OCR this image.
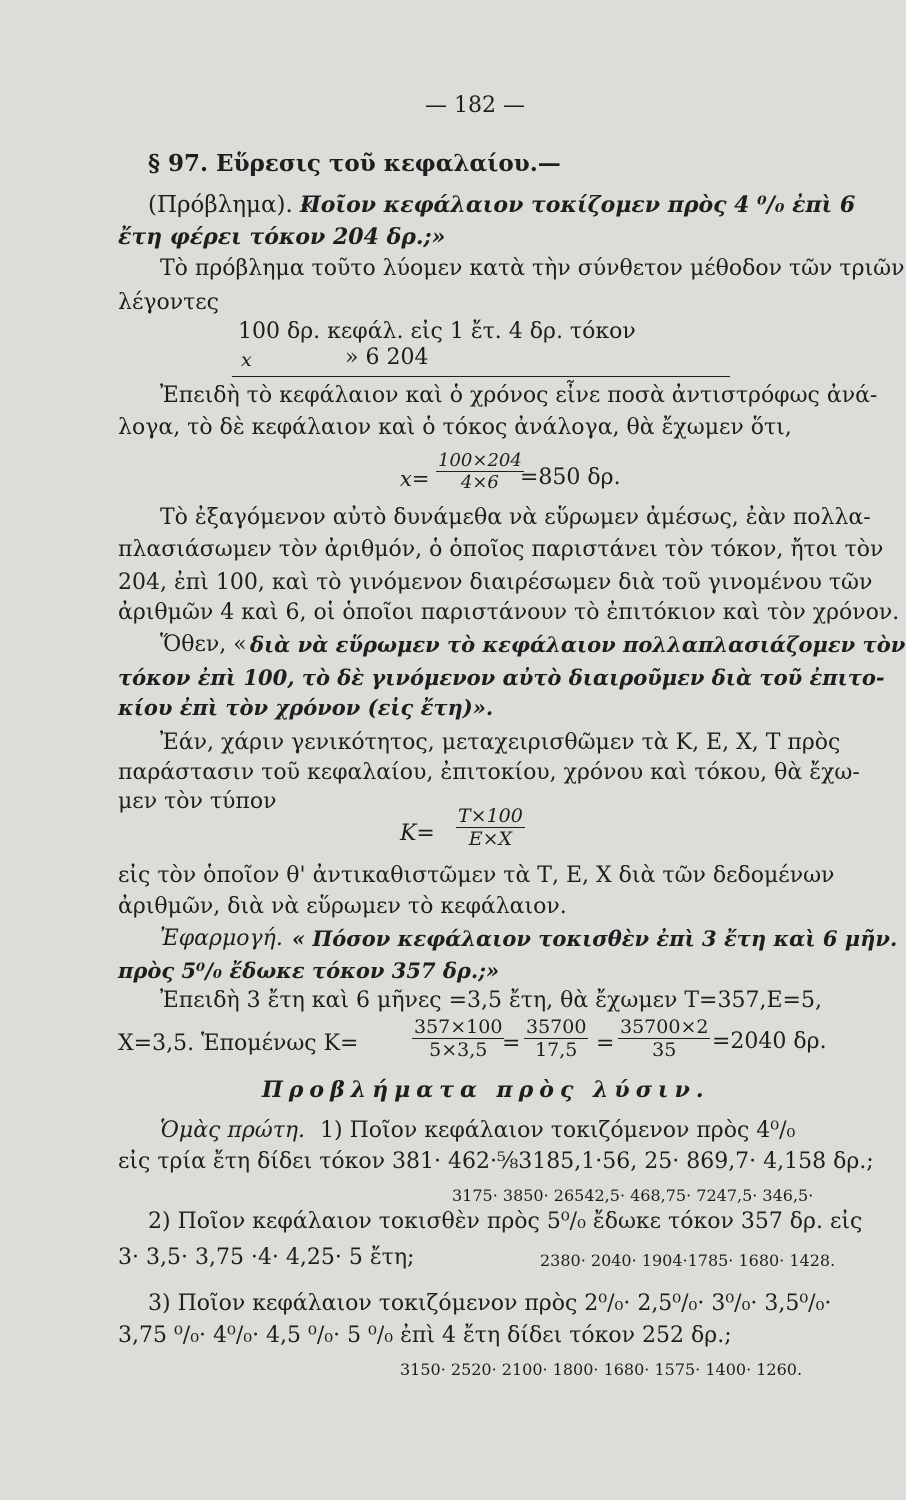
— 182 —
§ 97. Εὕρεσις τοῦ κεφαλαίου.—
(Πρόβλημα). «
Ποῖον κεφάλαιον τοκίζομεν πρὸς 4 ⁰/₀ ἐπὶ 6
ἔτη φέρει τόκον 204 δρ.;»
Τὸ πρόβλημα τοῦτο λύομεν κατὰ τὴν σύνθετον μέθοδον τῶν τριῶν
λέγοντες
100 δρ. κεφάλ. εἰς 1 ἔτ. 4 δρ. τόκον
x	» 6 204
Ἐπειδὴ τὸ κεφάλαιον καὶ ὁ χρόνος εἶνε ποσὰ ἀντιστρόφως ἀνά-
λογα, τὸ δὲ κεφάλαιον καὶ ὁ τόκος ἀνάλογα, θὰ ἔχωμεν ὅτι,
$x= \frac{100\times 204}{4\times 6}$
=850 δρ.
Τὸ ἐξαγόμενον αὐτὸ δυνάμεθα νὰ εὕρωμεν ἀμέσως, ἐὰν πολλα-
πλασιάσωμεν τὸν ἀριθμόν, ὁ ὁποῖος παριστάνει τὸν τόκον, ἤτοι τὸν
204, ἐπὶ 100, καὶ τὸ γινόμενον διαιρέσωμεν διὰ τοῦ γινομένου τῶν
ἀριθμῶν 4 καὶ 6, οἱ ὁποῖοι παριστάνουν τὸ ἐπιτόκιον καὶ τὸν χρόνον.
Ὅθεν, « διὰ νὰ εὕρωμεν τὸ κεφάλαιον πολλαπλασιάζομεν τὸν
τόκον ἐπὶ 100, τὸ δὲ γινόμενον αὐτὸ διαιροῦμεν διὰ τοῦ ἐπιτο-
κίου ἐπὶ τὸν χρόνον (εἰς ἔτη)».
Ἐάν, χάριν γενικότητος, μεταχειρισθῶμεν τὰ Κ, Ε, Χ, Τ πρὸς
παράστασιν τοῦ κεφαλαίου, ἐπιτοκίου, χρόνου καὶ τόκου, θὰ ἔχω-
μεν τὸν τύπον
$K= \frac{T\times 100}{E\times X}$
εἰς τὸν ὁποῖον θ' ἀντικαθιστῶμεν τὰ Τ, Ε, Χ διὰ τῶν δεδομένων
ἀριθμῶν, διὰ νὰ εὕρωμεν τὸ κεφάλαιον.
Ἐφαρμογή. « Πόσον κεφάλαιον τοκισθὲν ἐπὶ 3 ἔτη καὶ 6 μῆν.
πρὸς 5⁰/₀ ἔδωκε τόκον 357 δρ.;»
Ἐπειδὴ 3 ἔτη καὶ 6 μῆνες =3,5 ἔτη, θὰ ἔχωμεν Τ=357,Ε=5,
X=3,5. Ἑπομένως Κ=	$\frac{357\times 100}{5\times 3,5}$
= $\frac{35700}{17,5} = \frac{35700\times 2}{35} =2040$ δρ.
Προβλήματα πρὸς λύσιν.
Ὁμὰς πρώτη. 1) Ποῖον κεφάλαιον τοκιζόμενον πρὸς 4⁰/₀
εἰς τρία ἔτη δίδει τόκον 381· 462·⅝3185,1·56, 25· 869,7· 4,158 δρ.;
3175· 3850· 26542,5· 468,75· 7247,5· 346,5·
2) Ποῖον κεφάλαιον τοκισθὲν πρὸς 5⁰/₀ ἔδωκε τόκον 357 δρ. εἰς
3· 3,5· 3,75 ·4· 4,25· 5 ἔτη;	2380· 2040· 1904·1785· 1680· 1428.
3) Ποῖον κεφάλαιον τοκιζόμενον πρὸς 2⁰/₀· 2,5⁰/₀· 3⁰/₀· 3,5⁰/₀·
3,75 ⁰/₀· 4⁰/₀· 4,5 ⁰/₀· 5 ⁰/₀ ἐπὶ 4 ἔτη δίδει τόκον 252 δρ.;
3150· 2520· 2100· 1800· 1680· 1575· 1400· 1260.
